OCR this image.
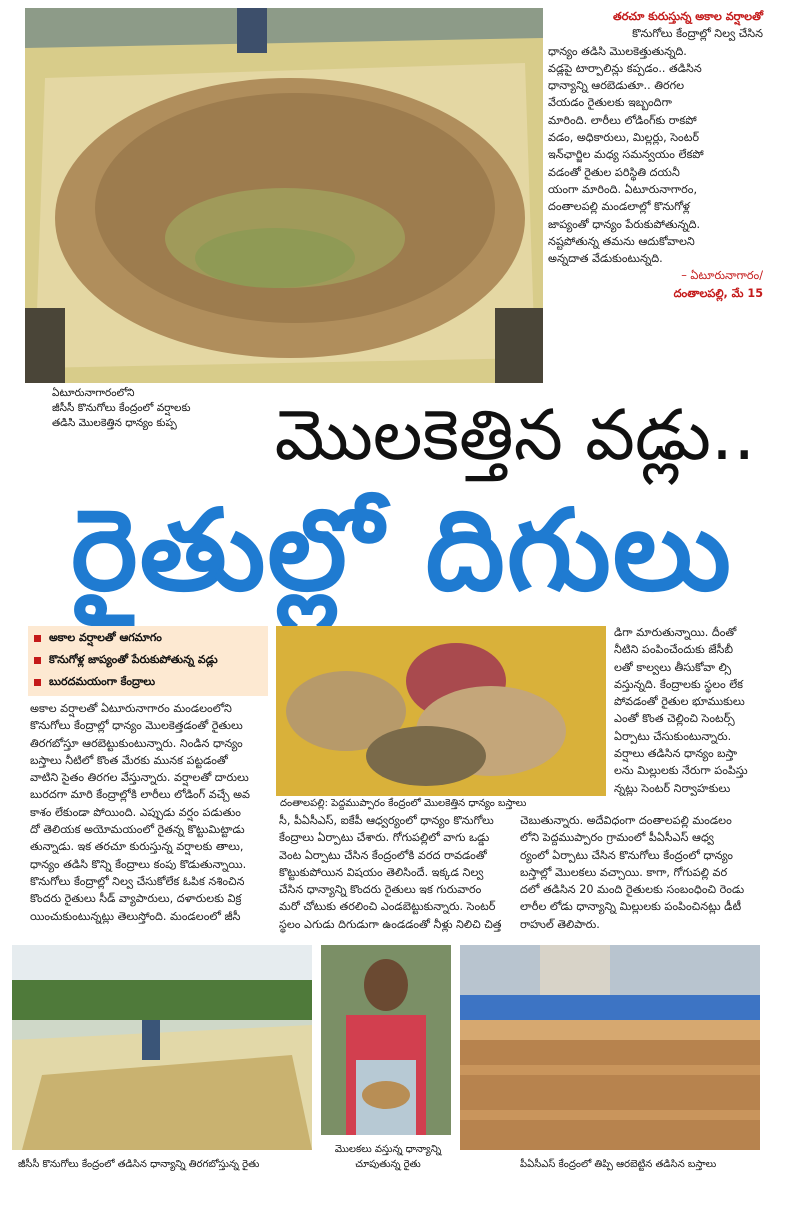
తరచూ కురుస్తున్న అకాల వర్షాలతో

కొనుగోలు కేంద్రాల్లో నిల్వ చేసిన

ధాన్యం తడిసి మొలకెత్తుతున్నది.

వడ్లపై టార్పాలిన్లు కప్పడం.. తడిసిన

ధాన్యాన్ని ఆరబెడుతూ.. తిరగల

వేయడం రైతులకు ఇబ్బందిగా

మారింది. లారీలు లోడింగ్‌కు రాకపో

వడం, అధికారులు, మిల్లర్లు, సెంటర్

ఇన్‌ఛార్జిల మధ్య సమన్వయం లేకపో

వడంతో రైతుల పరిస్థితి దయనీ

యంగా మారింది. ఏటూరునాగారం,

దంతాలపల్లి మండలాల్లో కొనుగోళ్ల

జాప్యంతో ధాన్యం పేరుకుపోతున్నది.

నష్టపోతున్న తమను ఆదుకోవాలని

అన్నదాత వేడుకుంటున్నది.

– ఏటూరునాగారం/

దంతాలపల్లి, మే 15

ఏటూరునాగారంలోని
జీసీసీ కొనుగోలు కేంద్రంలో వర్షాలకు
తడిసి మొలకెత్తిన ధాన్యం కుప్ప	మొలకెత్తిన వడ్లు..
రైతుల్లో దిగులు
అకాల వర్షాలతో ఆగమాగం
కొనుగోళ్ల జాప్యంతో పేరుకుపోతున్న వడ్లు
బురదమయంగా కేంద్రాలు
దంతాలపల్లి: పెద్దముప్పారం కేంద్రంలో మొలకెత్తిన ధాన్యం బస్తాలు

అకాల వర్షాలతో ఏటూరునాగారం మండలంలోని

కొనుగోలు కేంద్రాల్లో ధాన్యం మొలకెత్తడంతో రైతులు

తిరగబోస్తూ ఆరబెట్టుకుంటున్నారు. నిండిన ధాన్యం

బస్తాలు నీటిలో కొంత మేరకు మునక పట్టడంతో

వాటిని సైతం తిరగల వేస్తున్నారు. వర్షాలతో దారులు

బురదగా మారి కేంద్రాల్లోకి లారీలు లోడింగ్ వచ్చే అవ

కాశం లేకుండా పోయింది. ఎప్పుడు వర్షం పడుతుం

దో తెలియక అయోమయంలో రైతన్న కొట్టుమిట్టాడు

తున్నాడు. ఇక తరచూ కురుస్తున్న వర్షాలకు తాలు,

ధాన్యం తడిసి కొన్ని కేంద్రాలు కంపు కొడుతున్నాయి.

కొనుగోలు కేంద్రాల్లో నిల్వ చేసుకోలేక ఓపిక నశించిన

కొందరు రైతులు సీడ్ వ్యాపారులు, దళారులకు విక్ర

యించుకుంటున్నట్లు తెలుస్తోంది. మండలంలో జీసీ

సీ, పీఏసీఎస్, ఐకేపీ ఆధ్వర్యంలో ధాన్యం కొనుగోలు

కేంద్రాలు ఏర్పాటు చేశారు. గోగుపల్లిలో వాగు ఒడ్డు

వెంట ఏర్పాటు చేసిన కేంద్రంలోకి వరద రావడంతో

కొట్టుకుపోయిన విషయం తెలిసిందే. ఇక్కడ నిల్వ

చేసిన ధాన్యాన్ని కొందరు రైతులు ఇక గురువారం

మరో చోటుకు తరలించి ఎండబెట్టుకున్నారు. సెంటర్

స్థలం ఎగుడు దిగుడుగా ఉండడంతో నీళ్లు నిలిచి చిత్త

డిగా మారుతున్నాయి. దీంతో

నీటిని పంపించేందుకు జేసీబీ

లతో కాల్వలు తీసుకోవా ల్సి

వస్తున్నది. కేంద్రాలకు స్థలం లేక

పోవడంతో రైతుల భూముకులు

ఎంతో కొంత చెల్లించి సెంటర్స్

ఏర్పాటు చేసుకుంటున్నారు.

వర్షాలు తడిసిన ధాన్యం బస్తా

లను మిల్లులకు నేరుగా పంపిస్తు

న్నట్లు సెంటర్ నిర్వాహకులు

చెబుతున్నారు. అదేవిధంగా దంతాలపల్లి మండలం

లోని పెద్దముప్పారం గ్రామంలో పీఏసీఎస్ ఆధ్వ

ర్యంలో ఏర్పాటు చేసిన కొనుగోలు కేంద్రంలో ధాన్యం

బస్తాల్లో మొలకలు వచ్చాయి. కాగా, గోగుపల్లి వర

దలో తడిసిన 20 మంది రైతులకు సంబంధించి రెండు

లారీల లోడు ధాన్యాన్ని మిల్లులకు పంపించినట్లు డీటీ

రాహుల్ తెలిపారు.

జీసీసీ కొనుగోలు కేంద్రంలో తడిసిన ధాన్యాన్ని తిరగబోస్తున్న రైతు
మొలకలు వస్తున్న ధాన్యాన్ని
చూపుతున్న రైతు	పీఏసీఎస్ కేంద్రంలో తిప్పి ఆరబెట్టిన తడిసిన బస్తాలు
